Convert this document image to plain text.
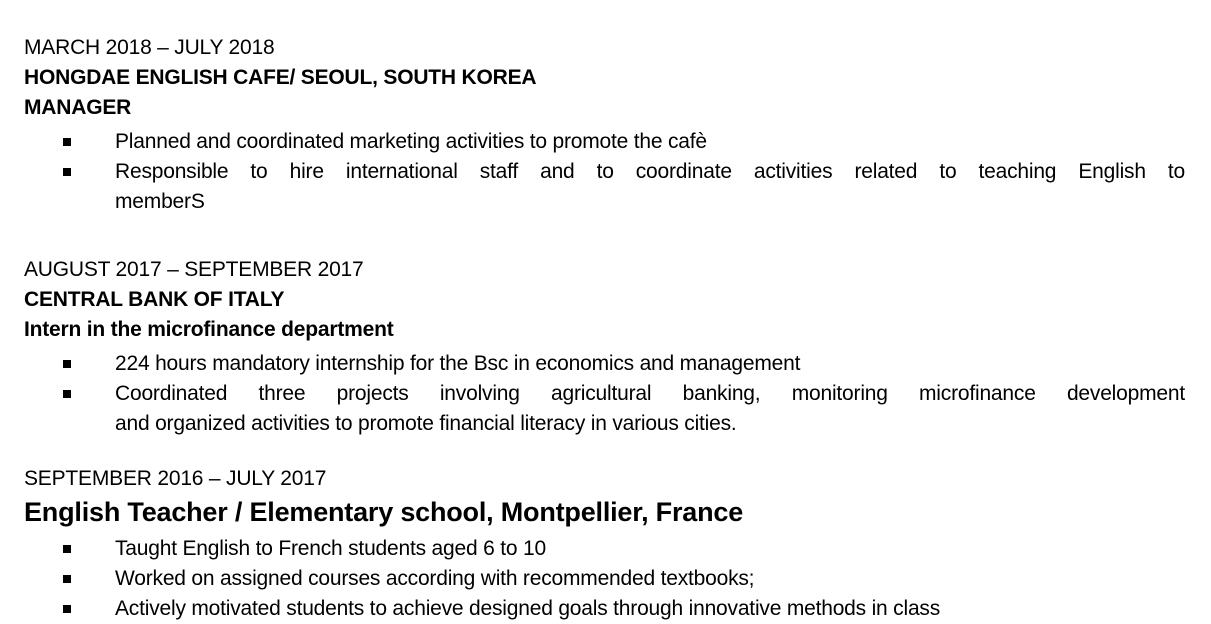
MARCH 2018 – JULY 2018
HONGDAE ENGLISH CAFE/ SEOUL, SOUTH KOREA
MANAGER
Planned and coordinated marketing activities to promote the cafè
Responsible to hire international staff and to coordinate activities related to teaching English to
memberS
AUGUST 2017 – SEPTEMBER 2017
CENTRAL BANK OF ITALY
Intern in the microfinance department
224 hours mandatory internship for the Bsc in economics and management
Coordinated three projects involving agricultural banking, monitoring microfinance development
and organized activities to promote financial literacy in various cities.
SEPTEMBER 2016 – JULY 2017
English Teacher / Elementary school, Montpellier, France
Taught English to French students aged 6 to 10
Worked on assigned courses according with recommended textbooks;
Actively motivated students to achieve designed goals through innovative methods in class
